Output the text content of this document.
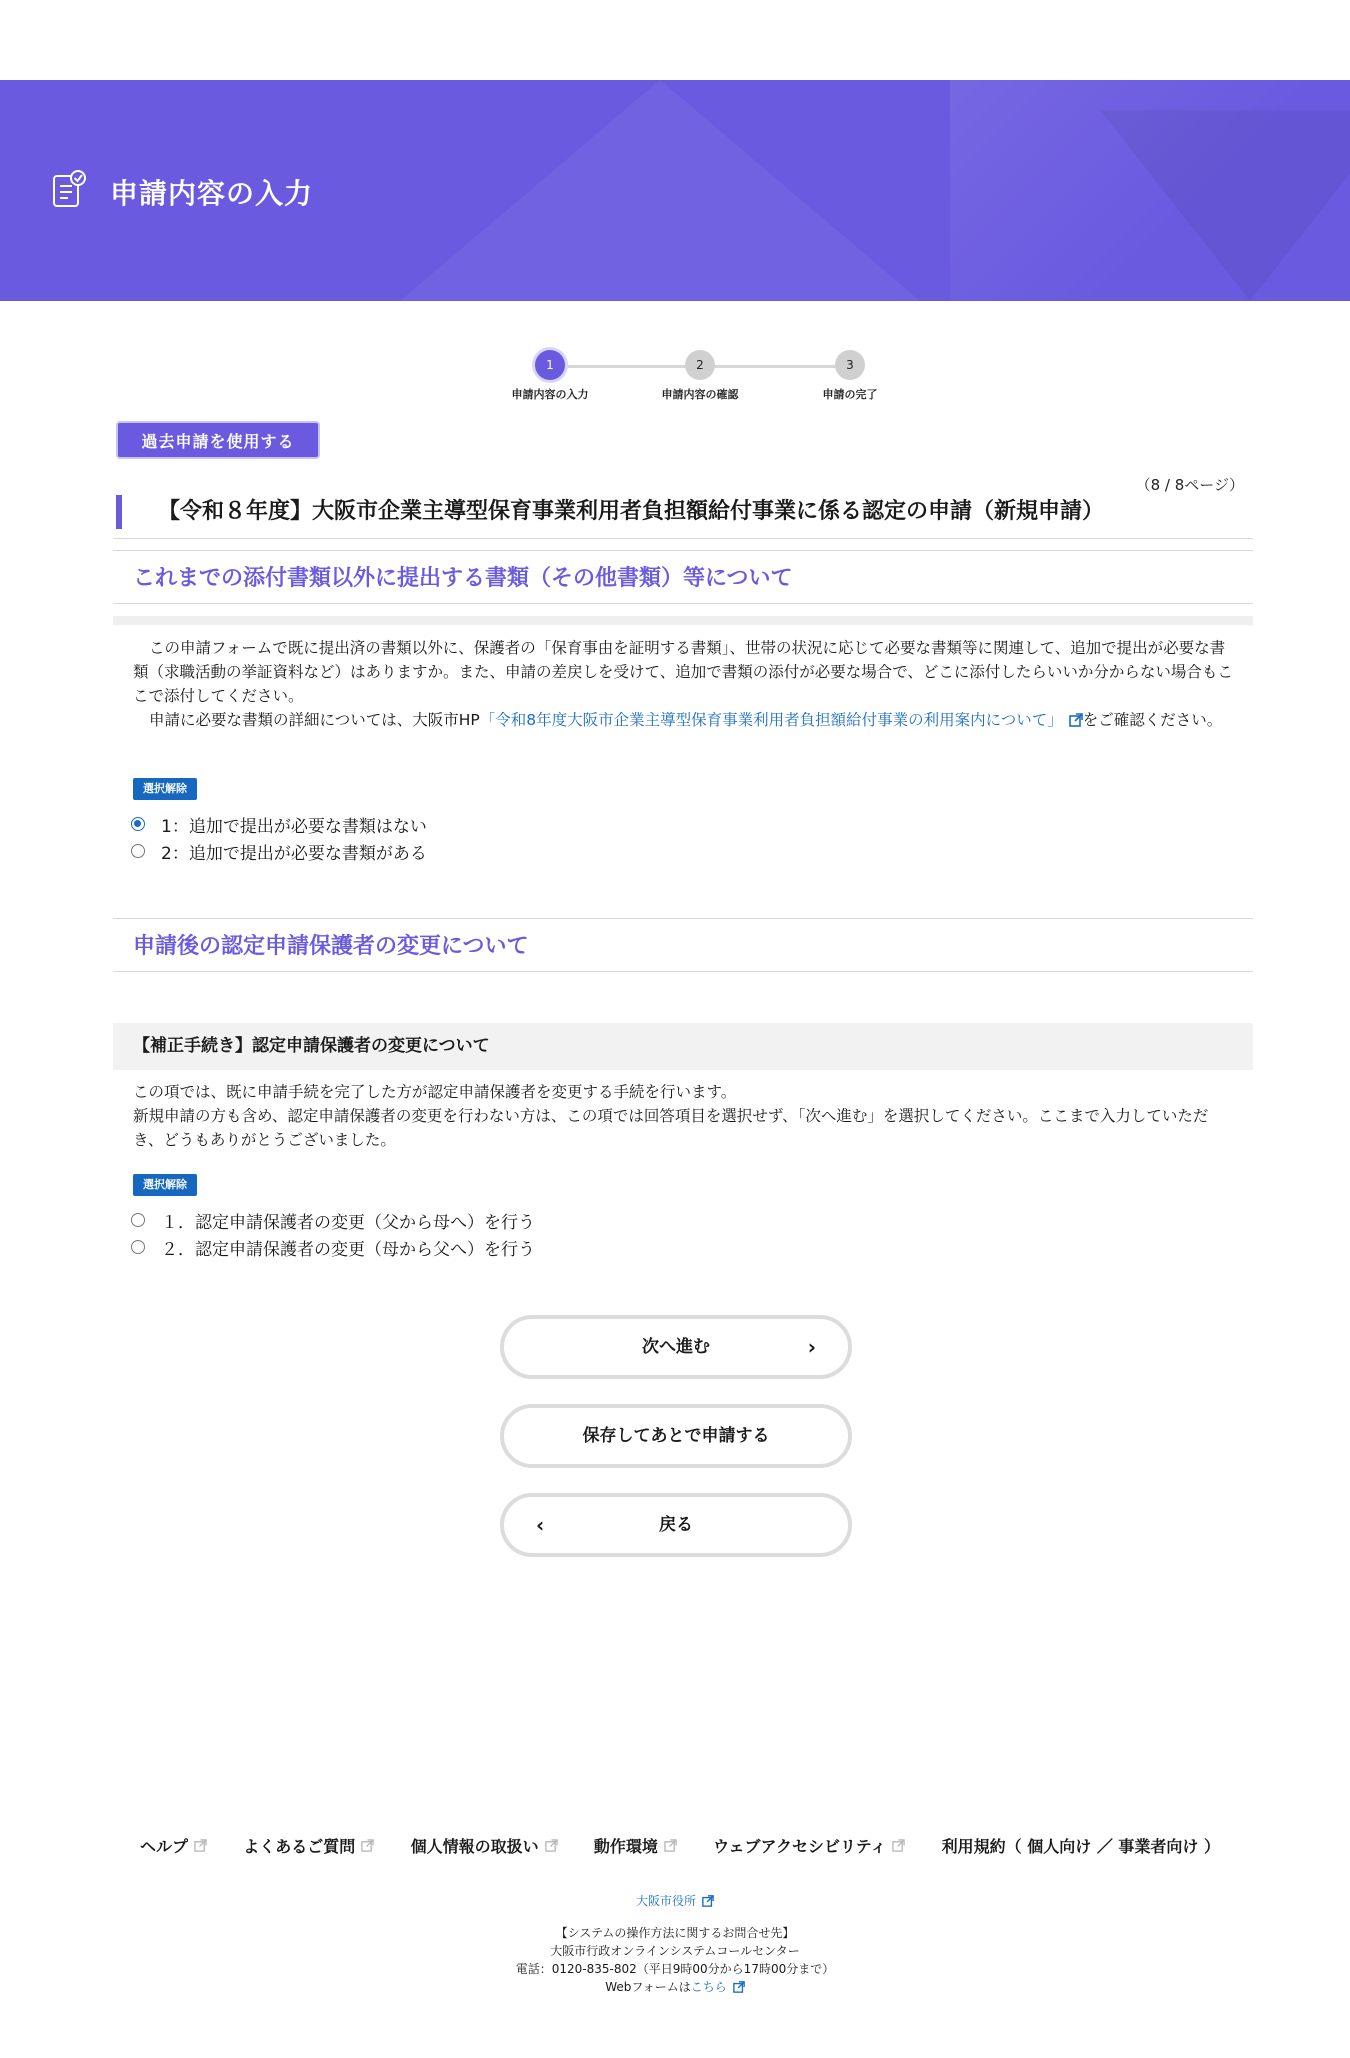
申請内容の入力
1
申請内容の入力
2
申請内容の確認
3
申請の完了
過去申請を使用する
（8 / 8ページ）
【令和８年度】大阪市企業主導型保育事業利用者負担額給付事業に係る認定の申請（新規申請）
これまでの添付書類以外に提出する書類（その他書類）等について
この申請フォームで既に提出済の書類以外に、保護者の「保育事由を証明する書類」、世帯の状況に応じて必要な書類等に関連して、追加で提出が必要な書類（求職活動の挙証資料など）はありますか。また、申請の差戻しを受けて、追加で書類の添付が必要な場合で、どこに添付したらいいか分からない場合もここで添付してください。
申請に必要な書類の詳細については、大阪市HP「令和8年度大阪市企業主導型保育事業利用者負担額給付事業の利用案内について」 をご確認ください。
選択解除
1：追加で提出が必要な書類はない
2：追加で提出が必要な書類がある
申請後の認定申請保護者の変更について
【補正手続き】認定申請保護者の変更について
この項では、既に申請手続を完了した方が認定申請保護者を変更する手続を行います。
新規申請の方も含め、認定申請保護者の変更を行わない方は、この項では回答項目を選択せず、「次へ進む」を選択してください。ここまで入力していただき、どうもありがとうございました。
選択解除
１．認定申請保護者の変更（父から母へ）を行う
２．認定申請保護者の変更（母から父へ）を行う
次へ進む	›
保存してあとで申請する
‹	戻る
ヘルプ	よくあるご質問	個人情報の取扱い	動作環境	ウェブアクセシビリティ	利用規約（ 個人向け ／ 事業者向け ）
大阪市役所
【システムの操作方法に関するお問合せ先】
大阪市行政オンラインシステムコールセンター
電話：0120-835-802（平日9時00分から17時00分まで）
Webフォームはこちら
